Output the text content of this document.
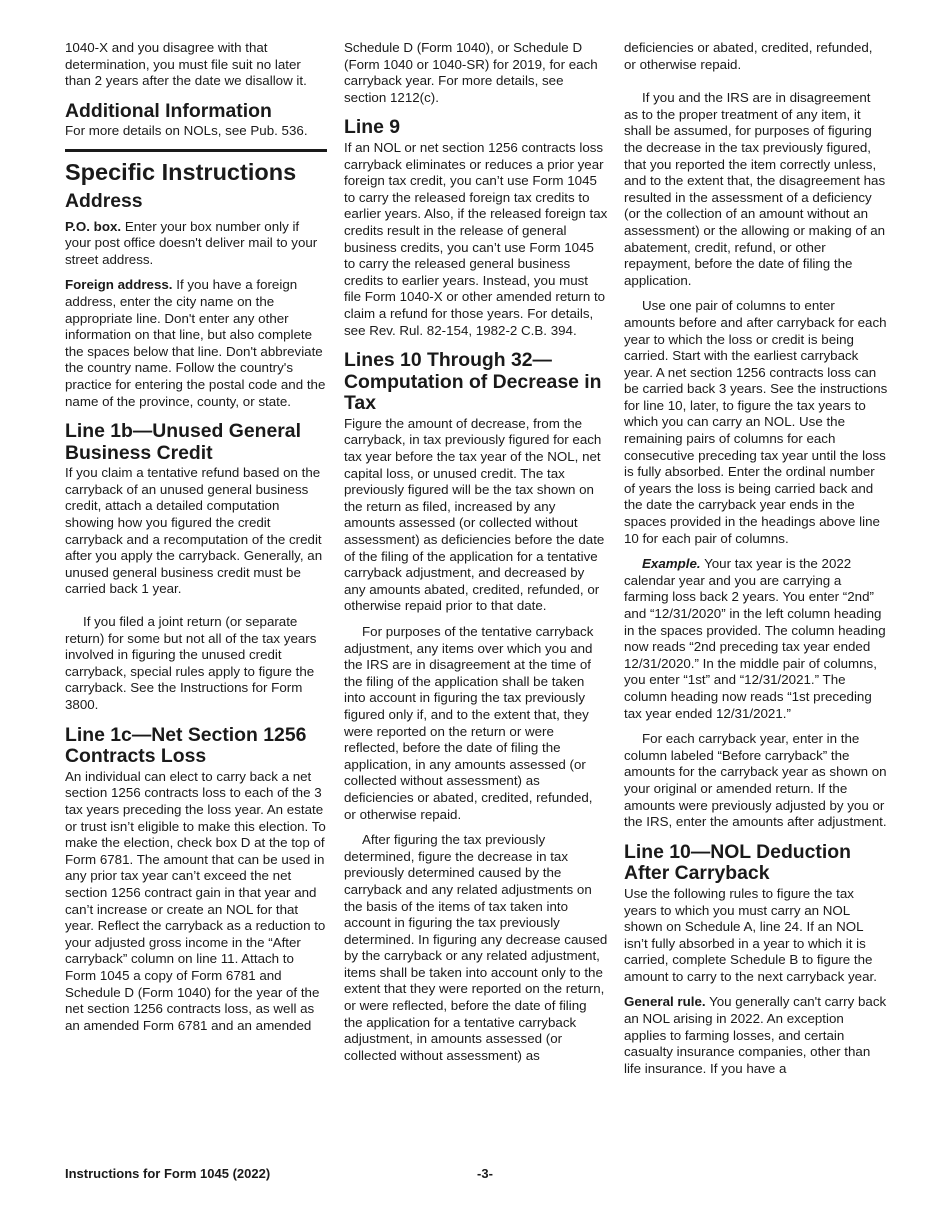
1040-X and you disagree with that determination, you must file suit no later than 2 years after the date we disallow it.

Additional Information

For more details on NOLs, see Pub. 536.

Specific Instructions
Address

P.O. box. Enter your box number only if your post office doesn't deliver mail to your street address.

Foreign address. If you have a foreign address, enter the city name on the appropriate line. Don't enter any other information on that line, but also complete the spaces below that line. Don't abbreviate the country name. Follow the country's practice for entering the postal code and the name of the province, county, or state.

Line 1b—Unused General Business Credit

If you claim a tentative refund based on the carryback of an unused general business credit, attach a detailed computation showing how you figured the credit carryback and a recomputation of the credit after you apply the carryback. Generally, an unused general business credit must be carried back 1 year.

If you filed a joint return (or separate return) for some but not all of the tax years involved in figuring the unused credit carryback, special rules apply to figure the carryback. See the Instructions for Form 3800.

Line 1c—Net Section 1256 Contracts Loss

An individual can elect to carry back a net section 1256 contracts loss to each of the 3 tax years preceding the loss year. An estate or trust isn’t eligible to make this election. To make the election, check box D at the top of Form 6781. The amount that can be used in any prior tax year can’t exceed the net section 1256 contract gain in that year and can’t increase or create an NOL for that year. Reflect the carryback as a reduction to your adjusted gross income in the “After carryback” column on line 11. Attach to Form 1045 a copy of Form 6781 and Schedule D (Form 1040) for the year of the net section 1256 contracts loss, as well as an amended Form 6781 and an amended

Schedule D (Form 1040), or Schedule D (Form 1040 or 1040-SR) for 2019, for each carryback year. For more details, see section 1212(c).

Line 9

If an NOL or net section 1256 contracts loss carryback eliminates or reduces a prior year foreign tax credit, you can’t use Form 1045 to carry the released foreign tax credits to earlier years. Also, if the released foreign tax credits result in the release of general business credits, you can’t use Form 1045 to carry the released general business credits to earlier years. Instead, you must file Form 1040-X or other amended return to claim a refund for those years. For details, see Rev. Rul. 82-154, 1982-2 C.B. 394.

Lines 10 Through 32—Computation of Decrease in Tax

Figure the amount of decrease, from the carryback, in tax previously figured for each tax year before the tax year of the NOL, net capital loss, or unused credit. The tax previously figured will be the tax shown on the return as filed, increased by any amounts assessed (or collected without assessment) as deficiencies before the date of the filing of the application for a tentative carryback adjustment, and decreased by any amounts abated, credited, refunded, or otherwise repaid prior to that date.

For purposes of the tentative carryback adjustment, any items over which you and the IRS are in disagreement at the time of the filing of the application shall be taken into account in figuring the tax previously figured only if, and to the extent that, they were reported on the return or were reflected, before the date of filing the application, in any amounts assessed (or collected without assessment) as deficiencies or abated, credited, refunded, or otherwise repaid.

After figuring the tax previously determined, figure the decrease in tax previously determined caused by the carryback and any related adjustments on the basis of the items of tax taken into account in figuring the tax previously determined. In figuring any decrease caused by the carryback or any related adjustment, items shall be taken into account only to the extent that they were reported on the return, or were reflected, before the date of filing the application for a tentative carryback adjustment, in amounts assessed (or collected without assessment) as

deficiencies or abated, credited, refunded, or otherwise repaid.

If you and the IRS are in disagreement as to the proper treatment of any item, it shall be assumed, for purposes of figuring the decrease in the tax previously figured, that you reported the item correctly unless, and to the extent that, the disagreement has resulted in the assessment of a deficiency (or the collection of an amount without an assessment) or the allowing or making of an abatement, credit, refund, or other repayment, before the date of filing the application.

Use one pair of columns to enter amounts before and after carryback for each year to which the loss or credit is being carried. Start with the earliest carryback year. A net section 1256 contracts loss can be carried back 3 years. See the instructions for line 10, later, to figure the tax years to which you can carry an NOL. Use the remaining pairs of columns for each consecutive preceding tax year until the loss is fully absorbed. Enter the ordinal number of years the loss is being carried back and the date the carryback year ends in the spaces provided in the headings above line 10 for each pair of columns.

Example. Your tax year is the 2022 calendar year and you are carrying a farming loss back 2 years. You enter “2nd” and “12/31/2020” in the left column heading in the spaces provided. The column heading now reads “2nd preceding tax year ended 12/31/2020.” In the middle pair of columns, you enter “1st” and “12/31/2021.” The column heading now reads “1st preceding tax year ended 12/31/2021.”

For each carryback year, enter in the column labeled “Before carryback” the amounts for the carryback year as shown on your original or amended return. If the amounts were previously adjusted by you or the IRS, enter the amounts after adjustment.

Line 10—NOL Deduction After Carryback

Use the following rules to figure the tax years to which you must carry an NOL shown on Schedule A, line 24. If an NOL isn’t fully absorbed in a year to which it is carried, complete Schedule B to figure the amount to carry to the next carryback year.

General rule. You generally can't carry back an NOL arising in 2022. An exception applies to farming losses, and certain casualty insurance companies, other than life insurance. If you have a

Instructions for Form 1045 (2022)	-3-
